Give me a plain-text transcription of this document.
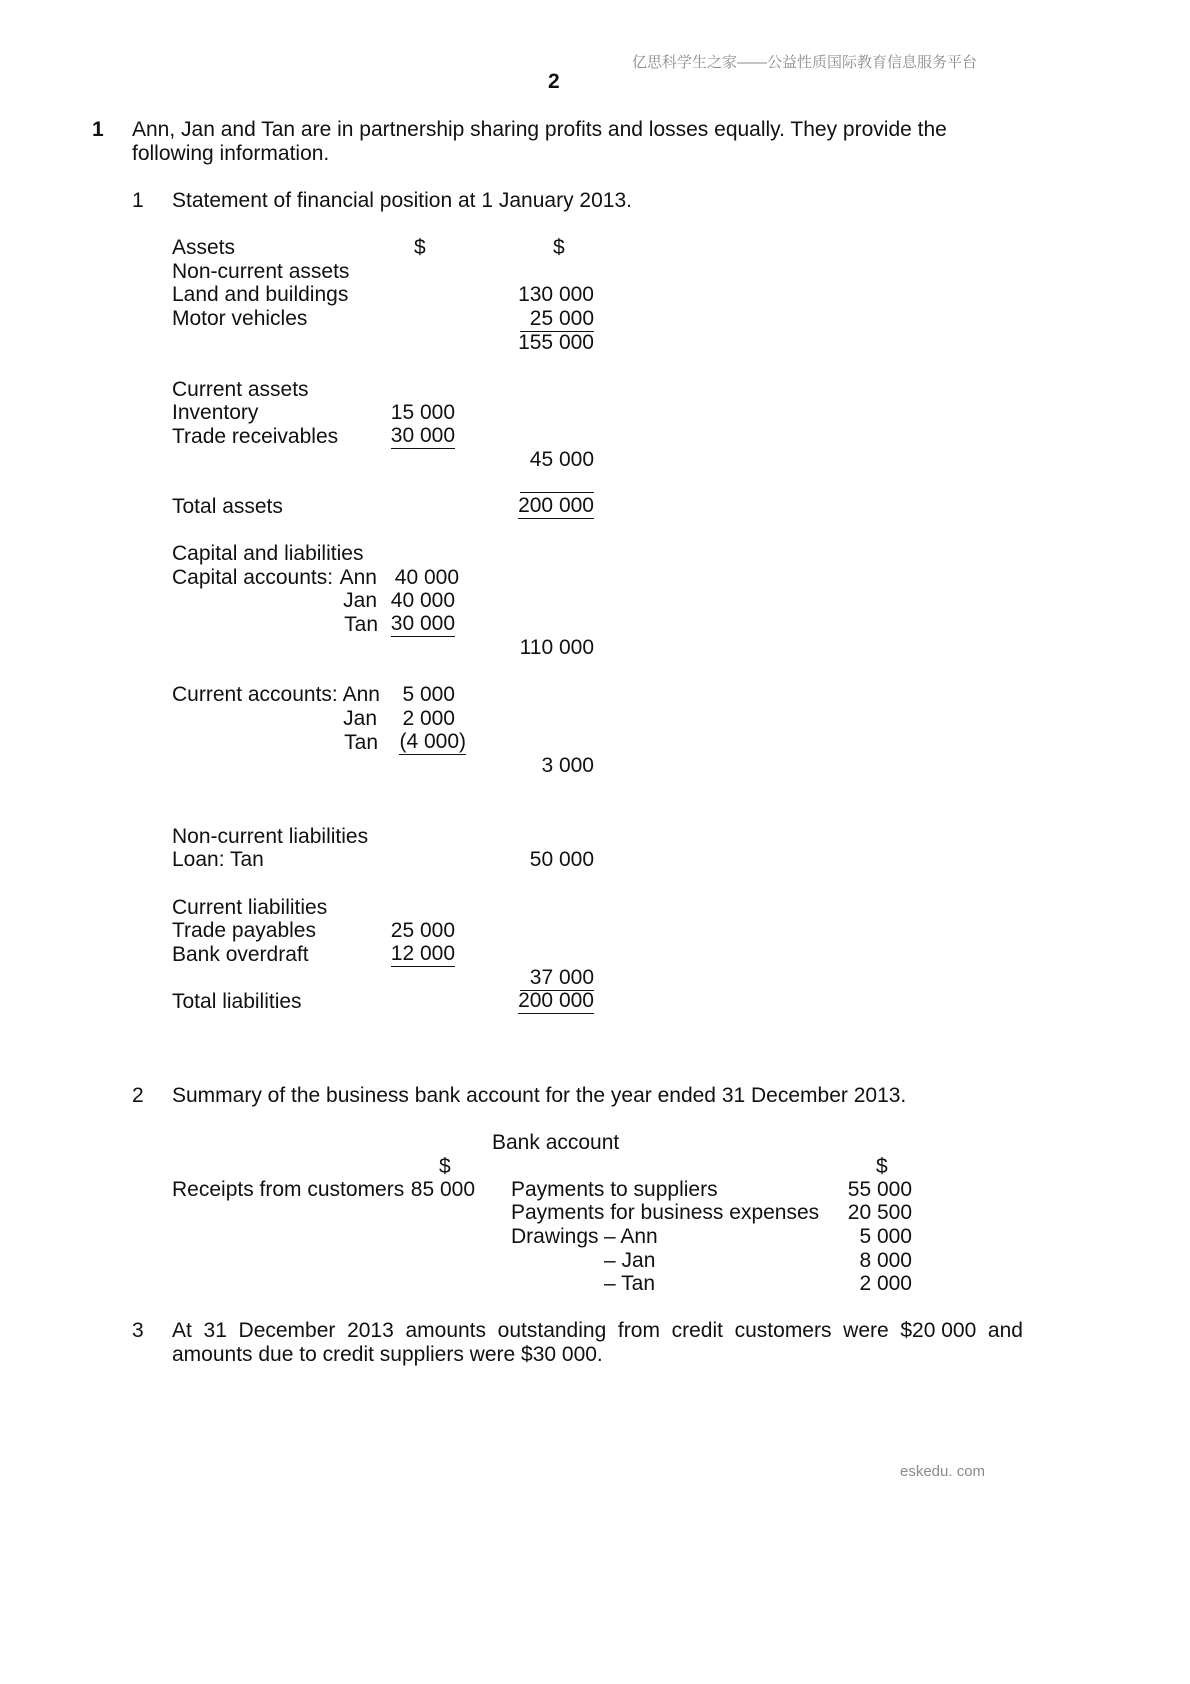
亿思科学生之家——公益性质国际教育信息服务平台
2
1 Ann, Jan and Tan are in partnership sharing profits and losses equally. They provide the
following information.
1 Statement of financial position at 1 January 2013.
Assets	$	$
Non-current assets
Land and buildings	130 000
Motor vehicles	25 000
155 000
Current assets
Inventory	15 000
Trade receivables	30 000
45 000
Total assets	200 000
Capital and liabilities
Capital accounts: Ann 40 000
Jan 40 000
Tan 30 000
110 000
Current accounts: Ann 5 000
Jan 2 000
Tan (4 000)
3 000
Non-current liabilities
Loan: Tan	50 000
Current liabilities
Trade payables	25 000
Bank overdraft	12 000
37 000
Total liabilities	200 000
2 Summary of the business bank account for the year ended 31 December 2013.
Bank account
$	$
Receipts from customers 85 000 Payments to suppliers	55 000
Payments for business expenses 20 500
Drawings – Ann	5 000
– Jan	8 000
– Tan	2 000
3 At  31  December  2013  amounts  outstanding  from  credit  customers  were  $20 000  and
amounts due to credit suppliers were $30 000.
eskedu. com
